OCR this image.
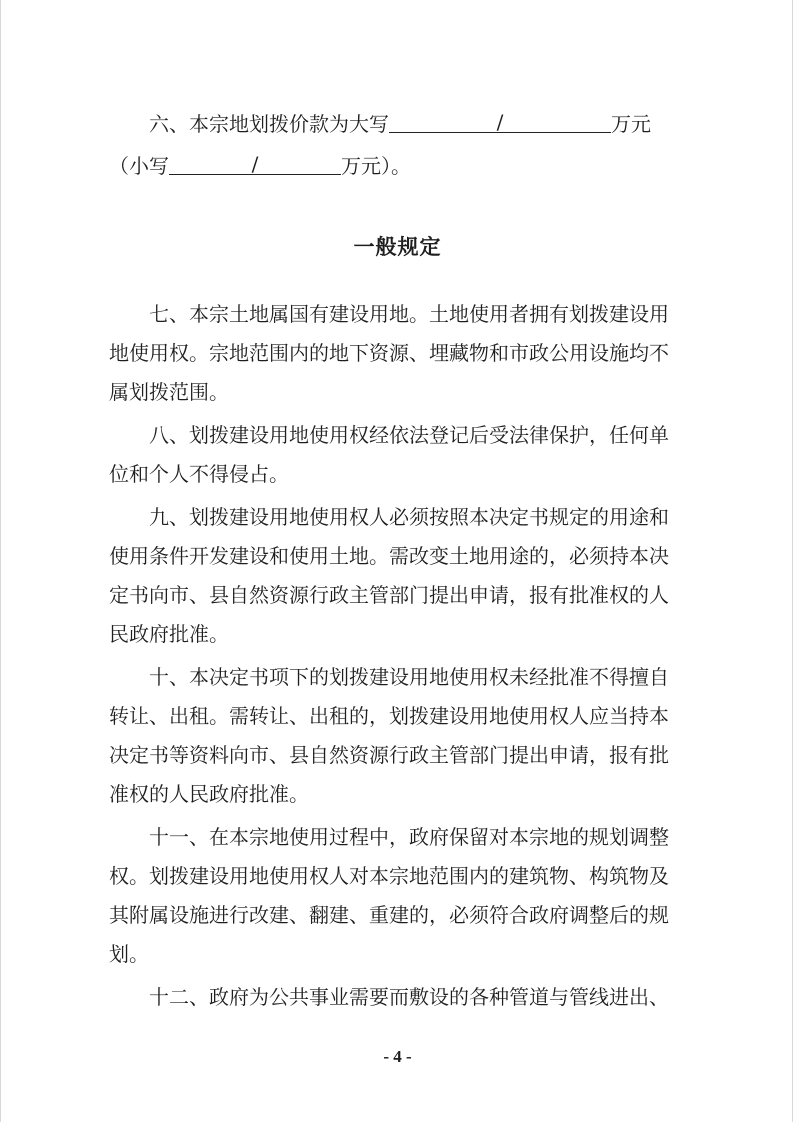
六、本宗地划拨价款为大写	/	万元
（小写	/	万元）。
一般规定
七、本宗土地属国有建设用地。土地使用者拥有划拨建设用
地使用权。宗地范围内的地下资源、埋藏物和市政公用设施均不
属划拨范围。
八、划拨建设用地使用权经依法登记后受法律保护，任何单
位和个人不得侵占。
九、划拨建设用地使用权人必须按照本决定书规定的用途和
使用条件开发建设和使用土地。需改变土地用途的，必须持本决
定书向市、县自然资源行政主管部门提出申请，报有批准权的人
民政府批准。
十、本决定书项下的划拨建设用地使用权未经批准不得擅自
转让、出租。需转让、出租的，划拨建设用地使用权人应当持本
决定书等资料向市、县自然资源行政主管部门提出申请，报有批
准权的人民政府批准。
十一、在本宗地使用过程中，政府保留对本宗地的规划调整
权。划拨建设用地使用权人对本宗地范围内的建筑物、构筑物及
其附属设施进行改建、翻建、重建的，必须符合政府调整后的规
划。
十二、政府为公共事业需要而敷设的各种管道与管线进出、
- 4 -
